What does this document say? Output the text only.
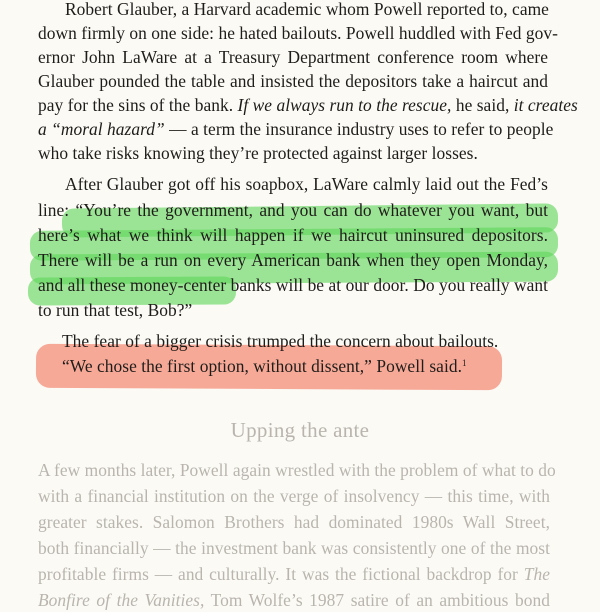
Robert Glauber, a Harvard academic whom Powell reported to, came
down firmly on one side: he hated bailouts. Powell huddled with Fed gov-
ernor John LaWare at a Treasury Department conference room where
Glauber pounded the table and insisted the depositors take a haircut and
pay for the sins of the bank. If we always run to the rescue, he said, it creates
a “moral hazard” — a term the insurance industry uses to refer to people
who take risks knowing they’re protected against larger losses.
After Glauber got off his soapbox, LaWare calmly laid out the Fed’s
line: “You’re the government, and you can do whatever you want, but
here’s what we think will happen if we haircut uninsured depositors.
There will be a run on every American bank when they open Monday,
and all these money-center banks will be at our door. Do you really want
to run that test, Bob?”
The fear of a bigger crisis trumped the concern about bailouts.
“We chose the first option, without dissent,” Powell said.$^1$
Upping the ante
A few months later, Powell again wrestled with the problem of what to do
with a financial institution on the verge of insolvency — this time, with
greater stakes. Salomon Brothers had dominated 1980s Wall Street,
both financially — the investment bank was consistently one of the most
profitable firms — and culturally. It was the fictional backdrop for The
Bonfire of the Vanities, Tom Wolfe’s 1987 satire of an ambitious bond
